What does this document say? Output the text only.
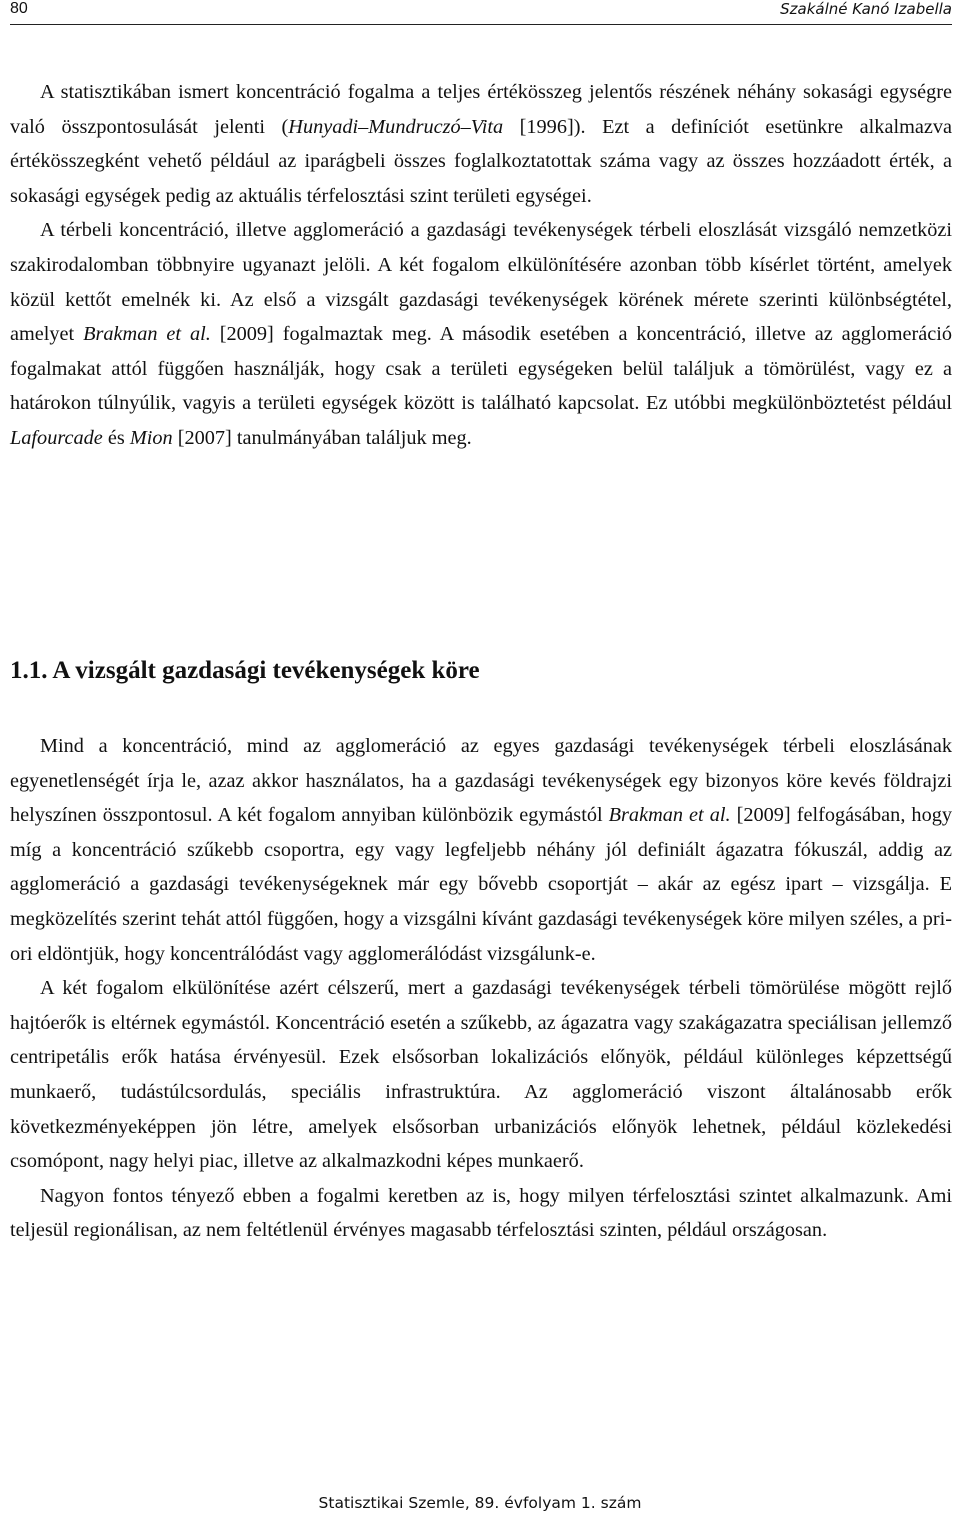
80	Szakálné Kanó Izabella

A statisztikában ismert koncentráció fogalma a teljes értékösszeg jelentős részének néhány sokasági egységre való összpontosulását jelenti (Hunyadi–Mundruczó–Vita [1996]). Ezt a definíciót esetünkre alkalmazva értékösszegként vehető például az iparágbeli összes foglalkoztatottak száma vagy az összes hozzáadott érték, a sokasági egységek pedig az aktuális térfelosztási szint területi egységei.

A térbeli koncentráció, illetve agglomeráció a gazdasági tevékenységek térbeli eloszlását vizsgáló nemzetközi szakirodalomban többnyire ugyanazt jelöli. A két fogalom elkülönítésére azonban több kísérlet történt, amelyek közül kettőt emelnék ki. Az első a vizsgált gazdasági tevékenységek körének mérete szerinti különbségtétel, amelyet Brakman et al. [2009] fogalmaztak meg. A második esetében a koncentráció, illetve az agglomeráció fogalmakat attól függően használják, hogy csak a területi egységeken belül találjuk a tömörülést, vagy ez a határokon túlnyúlik, vagyis a területi egységek között is található kapcsolat. Ez utóbbi megkülönböztetést például Lafourcade és Mion [2007] tanulmányában találjuk meg.

1.1. A vizsgált gazdasági tevékenységek köre

Mind a koncentráció, mind az agglomeráció az egyes gazdasági tevékenységek térbeli eloszlásának egyenetlenségét írja le, azaz akkor használatos, ha a gazdasági tevékenységek egy bizonyos köre kevés földrajzi helyszínen összpontosul. A két fogalom annyiban különbözik egymástól Brakman et al. [2009] felfogásában, hogy míg a koncentráció szűkebb csoportra, egy vagy legfeljebb néhány jól definiált ágazatra fókuszál, addig az agglomeráció a gazdasági tevékenységeknek már egy bővebb csoportját – akár az egész ipart – vizsgálja. E megközelítés szerint tehát attól függően, hogy a vizsgálni kívánt gazdasági tevékenységek köre milyen széles, a priori eldöntjük, hogy koncentrálódást vagy agglomerálódást vizsgálunk-e.

A két fogalom elkülönítése azért célszerű, mert a gazdasági tevékenységek térbeli tömörülése mögött rejlő hajtóerők is eltérnek egymástól. Koncentráció esetén a szűkebb, az ágazatra vagy szakágazatra speciálisan jellemző centripetális erők hatása érvényesül. Ezek elsősorban lokalizációs előnyök, például különleges képzettségű munkaerő, tudástúlcsordulás, speciális infrastruktúra. Az agglomeráció viszont általánosabb erők következményeképpen jön létre, amelyek elsősorban urbanizációs előnyök lehetnek, például közlekedési csomópont, nagy helyi piac, illetve az alkalmazkodni képes munkaerő.

Nagyon fontos tényező ebben a fogalmi keretben az is, hogy milyen térfelosztási szintet alkalmazunk. Ami teljesül regionálisan, az nem feltétlenül érvényes magasabb térfelosztási szinten, például országosan.

Statisztikai Szemle, 89. évfolyam 1. szám
